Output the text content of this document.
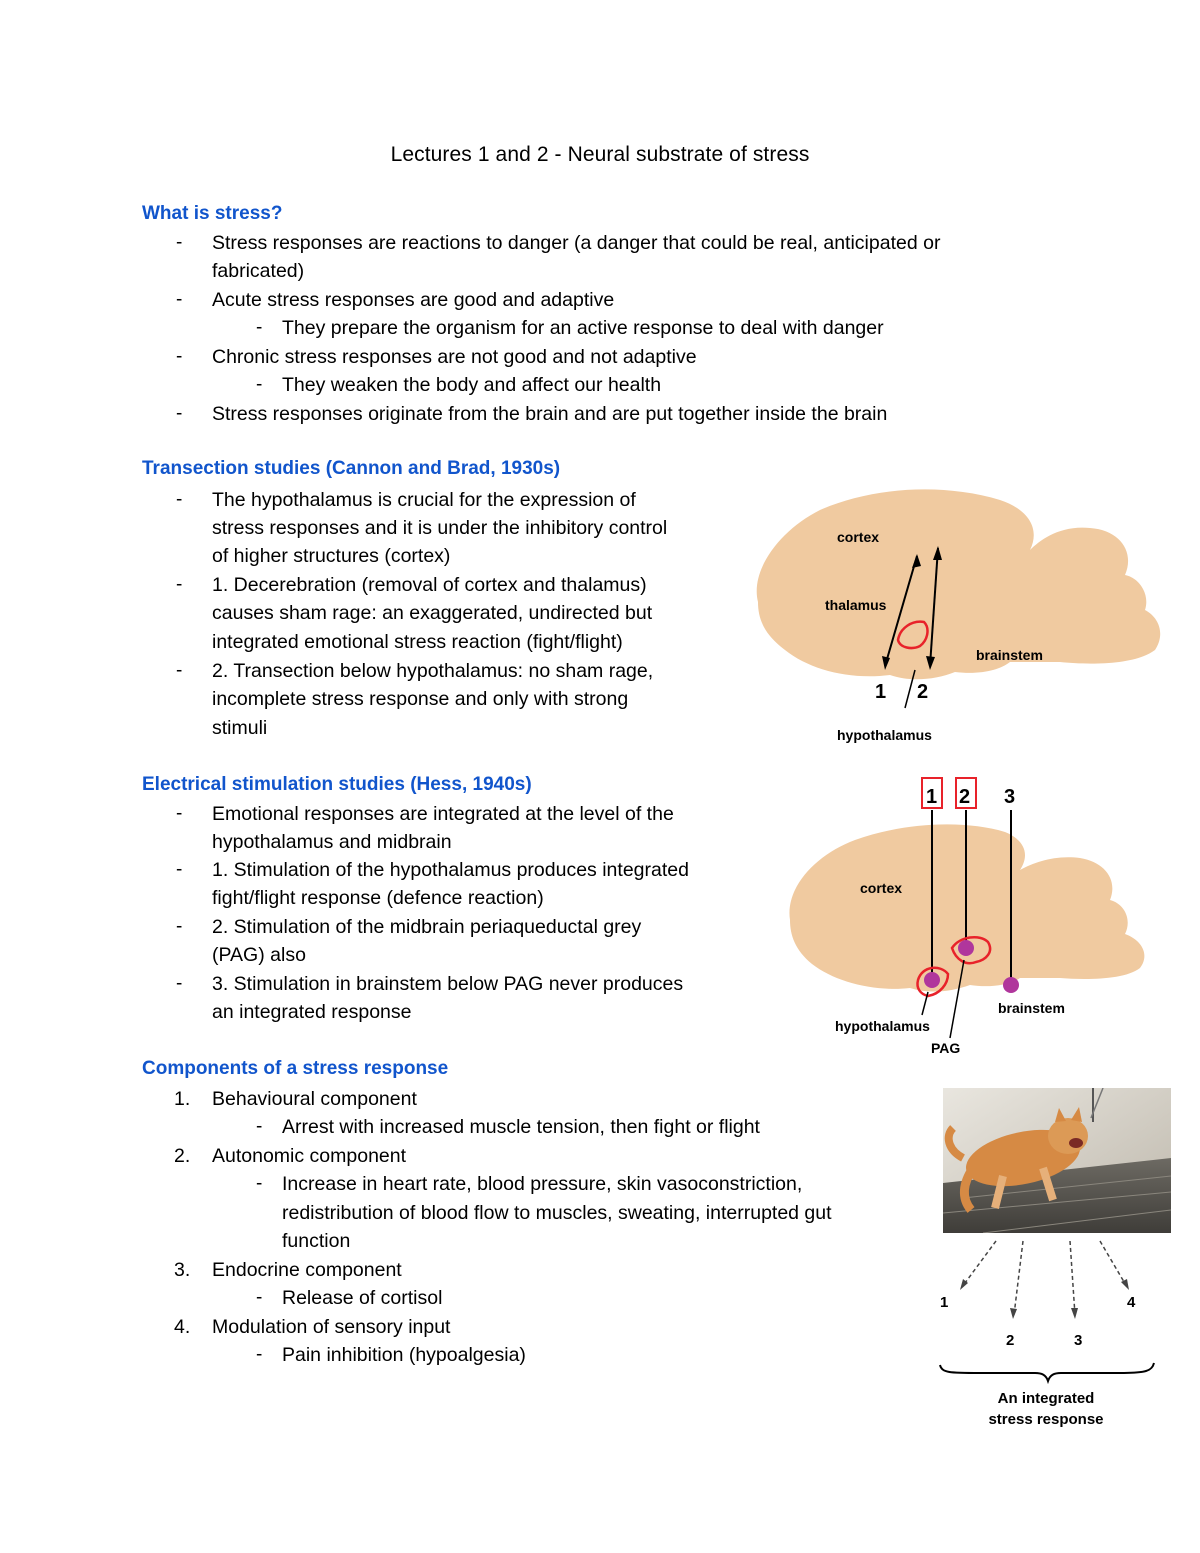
Lectures 1 and 2 - Neural substrate of stress
What is stress?
- Stress responses are reactions to danger (a danger that could be real, anticipated or
fabricated)
- Acute stress responses are good and adaptive
- They prepare the organism for an active response to deal with danger
- Chronic stress responses are not good and not adaptive
- They weaken the body and affect our health
- Stress responses originate from the brain and are put together inside the brain
Transection studies (Cannon and Brad, 1930s)
- The hypothalamus is crucial for the expression of
stress responses and it is under the inhibitory control
of higher structures (cortex)
- 1. Decerebration (removal of cortex and thalamus)
causes sham rage: an exaggerated, undirected but
integrated emotional stress reaction (fight/flight)
- 2. Transection below hypothalamus: no sham rage,
incomplete stress response and only with strong
stimuli
cortex
thalamus
brainstem
1 2
hypothalamus
Electrical stimulation studies (Hess, 1940s)
- Emotional responses are integrated at the level of the
hypothalamus and midbrain
- 1. Stimulation of the hypothalamus produces integrated
fight/flight response (defence reaction)
- 2. Stimulation of the midbrain periaqueductal grey
(PAG) also
- 3. Stimulation in brainstem below PAG never produces
an integrated response
1 2 3
cortex
brainstem
hypothalamus
PAG
Components of a stress response
1. Behavioural component
- Arrest with increased muscle tension, then fight or flight
2. Autonomic component
- Increase in heart rate, blood pressure, skin vasoconstriction,
redistribution of blood flow to muscles, sweating, interrupted gut
function
3. Endocrine component
- Release of cortisol
4. Modulation of sensory input
- Pain inhibition (hypoalgesia)
1
2	3
4
An integrated
stress response
